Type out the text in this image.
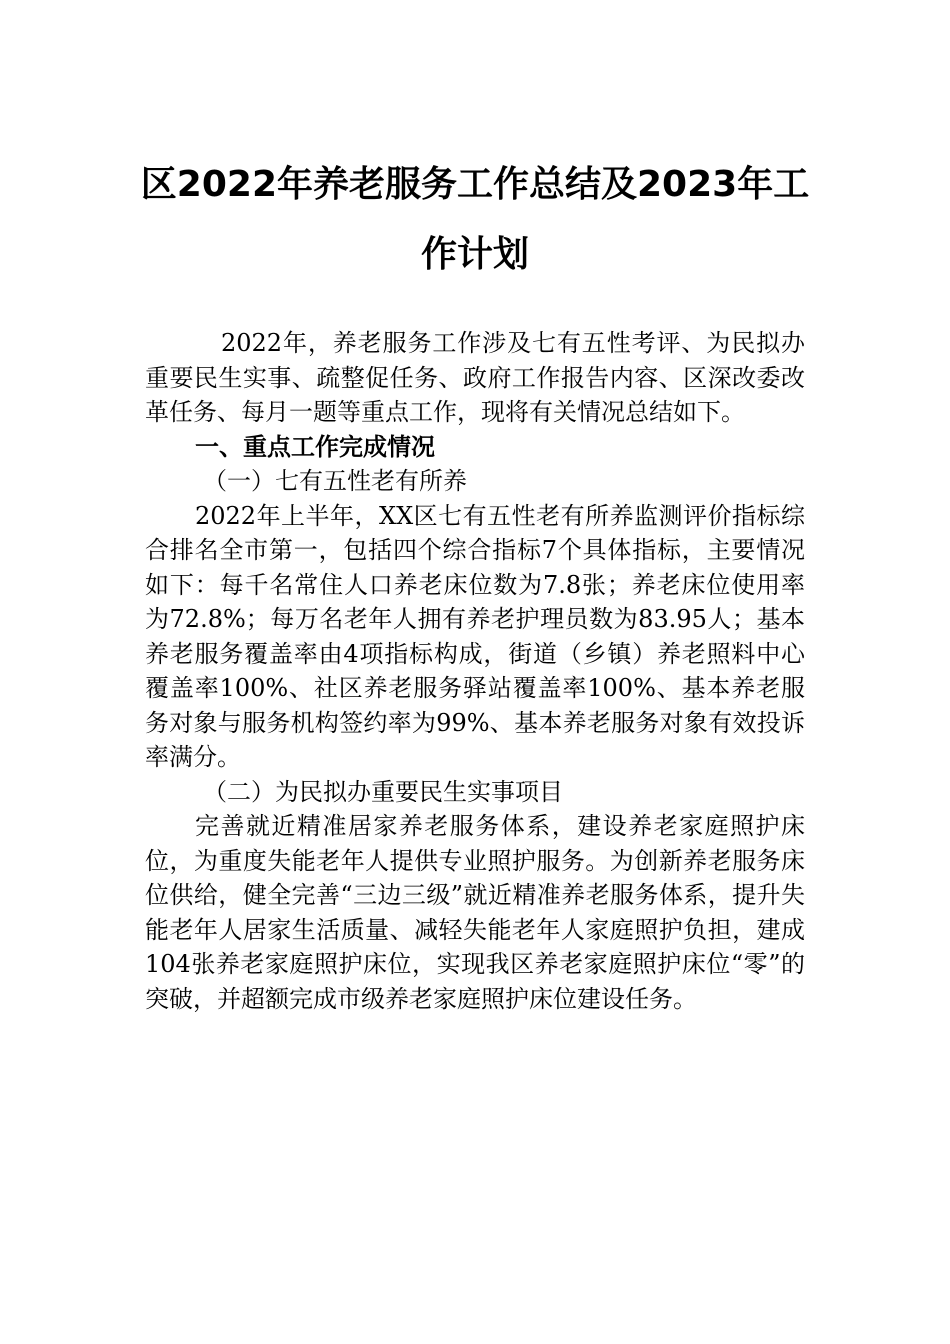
区2022年养老服务工作总结及2023年工作计划

2022年，养老服务工作涉及七有五性考评、为民拟办重要民生实事、疏整促任务、政府工作报告内容、区深改委改革任务、每月一题等重点工作，现将有关情况总结如下。

一、重点工作完成情况

（一）七有五性老有所养

2022年上半年，XX区七有五性老有所养监测评价指标综合排名全市第一，包括四个综合指标7个具体指标，主要情况如下：每千名常住人口养老床位数为7.8张；养老床位使用率为72.8%；每万名老年人拥有养老护理员数为83.95人；基本养老服务覆盖率由4项指标构成，街道（乡镇）养老照料中心覆盖率100%、社区养老服务驿站覆盖率100%、基本养老服务对象与服务机构签约率为99%、基本养老服务对象有效投诉率满分。

（二）为民拟办重要民生实事项目

完善就近精准居家养老服务体系，建设养老家庭照护床位，为重度失能老年人提供专业照护服务。为创新养老服务床位供给，健全完善“三边三级”就近精准养老服务体系，提升失能老年人居家生活质量、减轻失能老年人家庭照护负担，建成104张养老家庭照护床位，实现我区养老家庭照护床位“零”的突破，并超额完成市级养老家庭照护床位建设任务。
